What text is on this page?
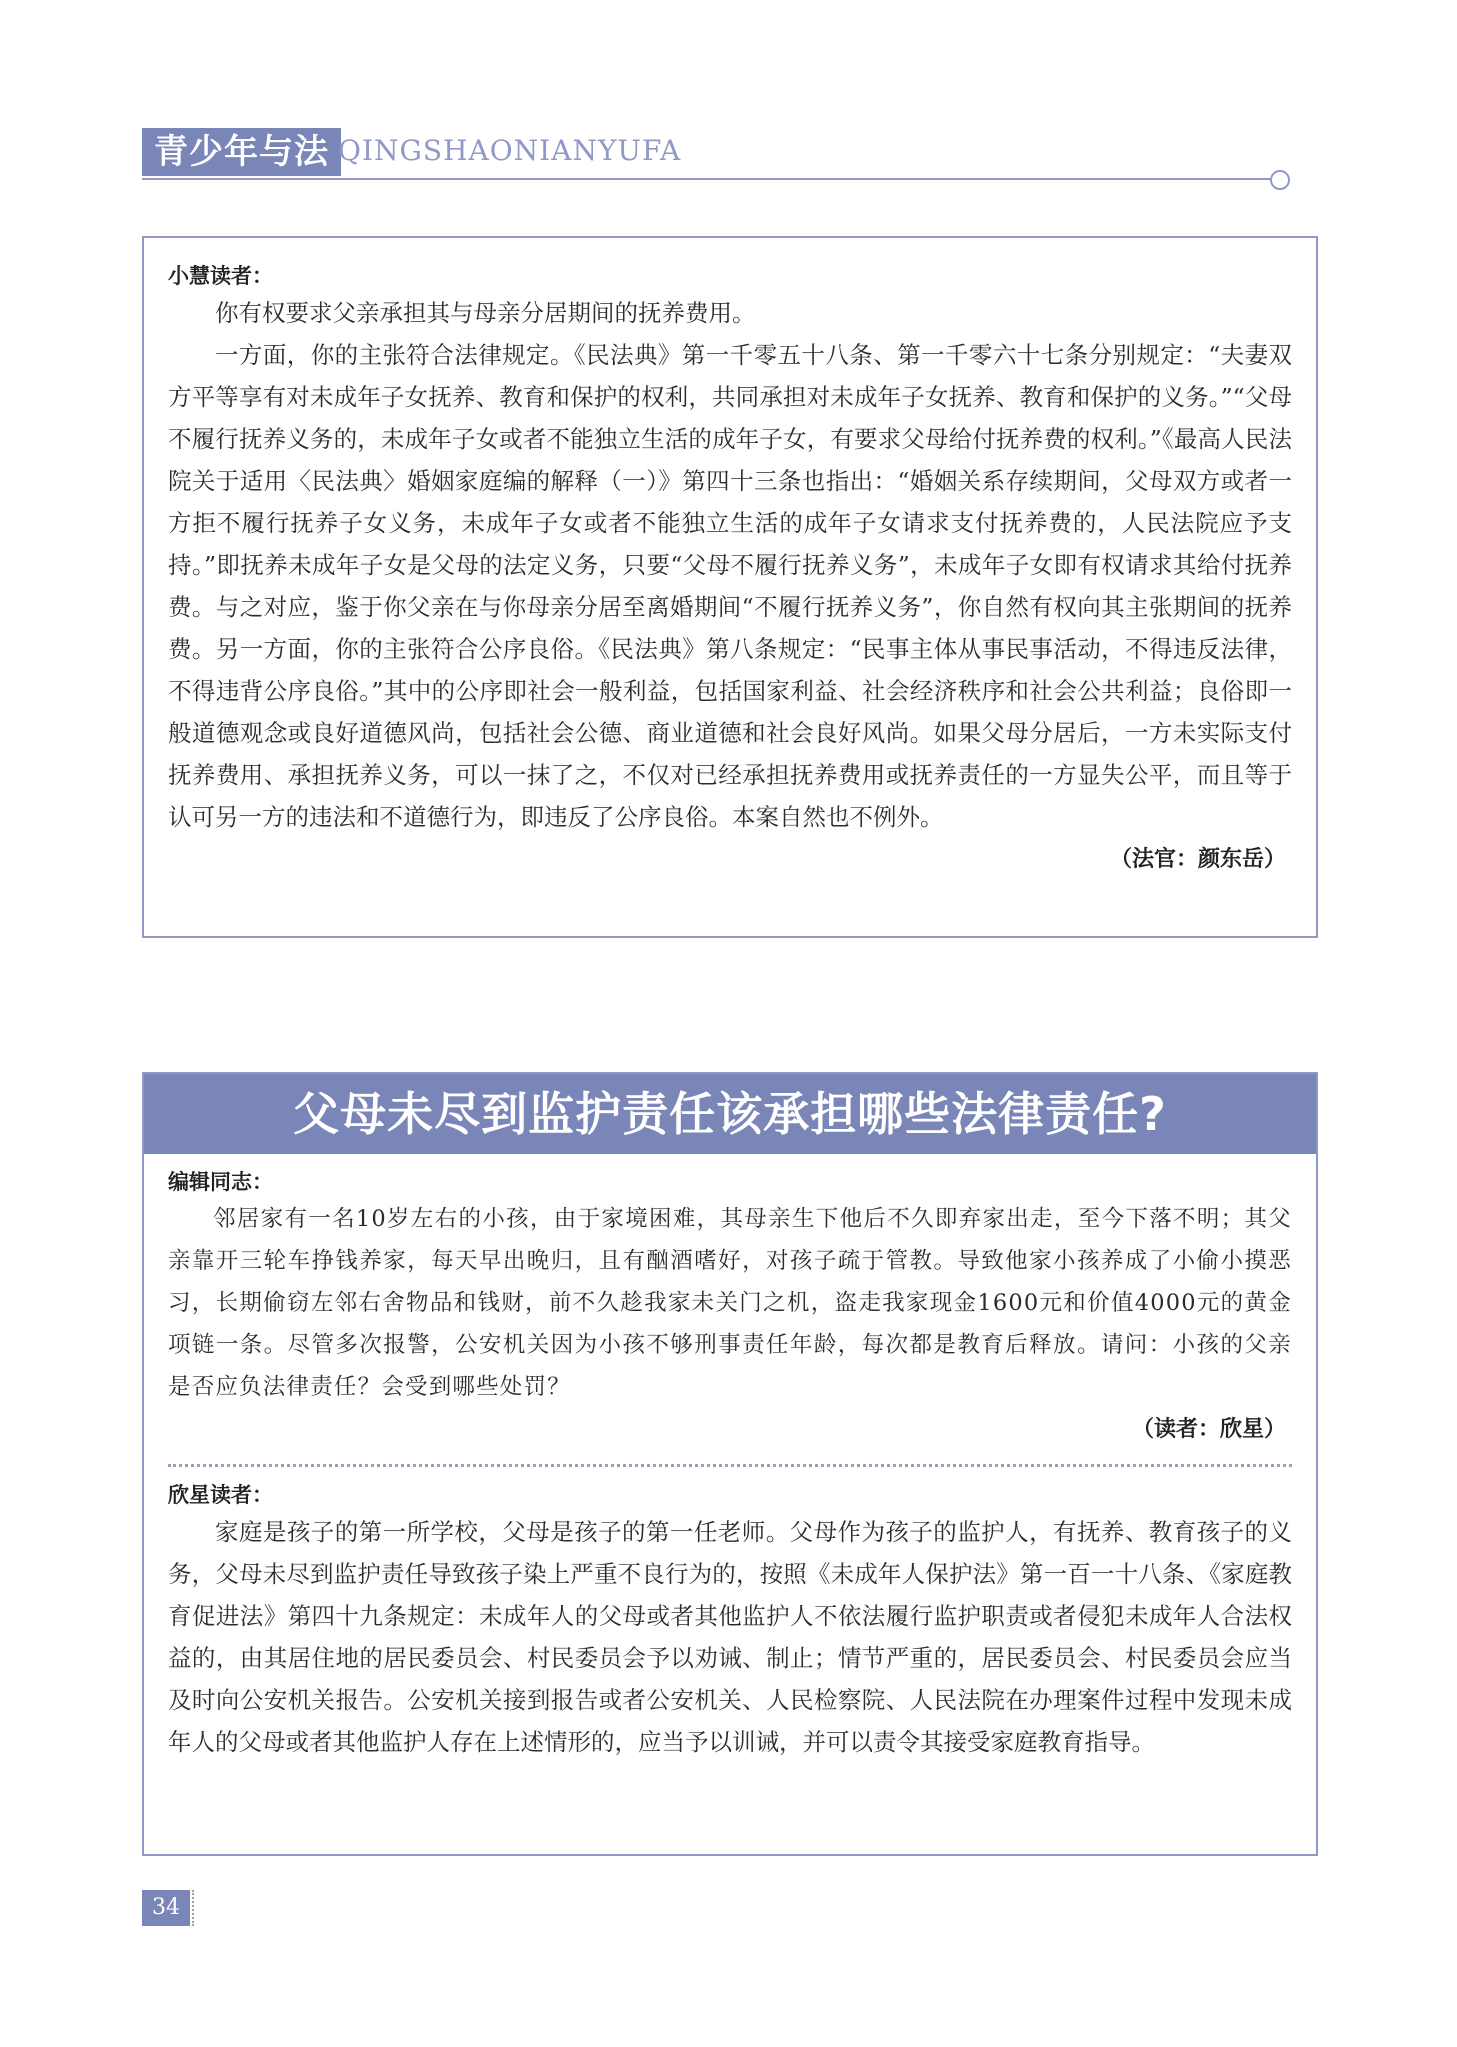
青少年与法 QINGSHAONIANYUFA
小慧读者：

你有权要求父亲承担其与母亲分居期间的抚养费用。

一方面，你的主张符合法律规定。《民法典》第一千零五十八条、第一千零六十七条分别规定：“夫妻双方平等享有对未成年子女抚养、教育和保护的权利，共同承担对未成年子女抚养、教育和保护的义务。”“父母不履行抚养义务的，未成年子女或者不能独立生活的成年子女，有要求父母给付抚养费的权利。”《最高人民法院关于适用〈民法典〉婚姻家庭编的解释（一）》第四十三条也指出：“婚姻关系存续期间，父母双方或者一方拒不履行抚养子女义务，未成年子女或者不能独立生活的成年子女请求支付抚养费的，人民法院应予支持。”即抚养未成年子女是父母的法定义务，只要“父母不履行抚养义务”，未成年子女即有权请求其给付抚养费。与之对应，鉴于你父亲在与你母亲分居至离婚期间“不履行抚养义务”，你自然有权向其主张期间的抚养费。另一方面，你的主张符合公序良俗。《民法典》第八条规定：“民事主体从事民事活动，不得违反法律，不得违背公序良俗。”其中的公序即社会一般利益，包括国家利益、社会经济秩序和社会公共利益；良俗即一般道德观念或良好道德风尚，包括社会公德、商业道德和社会良好风尚。如果父母分居后，一方未实际支付抚养费用、承担抚养义务，可以一抹了之，不仅对已经承担抚养费用或抚养责任的一方显失公平，而且等于认可另一方的违法和不道德行为，即违反了公序良俗。本案自然也不例外。

（法官：颜东岳）
父母未尽到监护责任该承担哪些法律责任?
编辑同志：

邻居家有一名10岁左右的小孩，由于家境困难，其母亲生下他后不久即弃家出走，至今下落不明；其父亲靠开三轮车挣钱养家，每天早出晚归，且有酗酒嗜好，对孩子疏于管教。导致他家小孩养成了小偷小摸恶习，长期偷窃左邻右舍物品和钱财，前不久趁我家未关门之机，盗走我家现金1600元和价值4000元的黄金项链一条。尽管多次报警，公安机关因为小孩不够刑事责任年龄，每次都是教育后释放。请问：小孩的父亲是否应负法律责任？会受到哪些处罚？

（读者：欣星）
欣星读者：

家庭是孩子的第一所学校，父母是孩子的第一任老师。父母作为孩子的监护人，有抚养、教育孩子的义务，父母未尽到监护责任导致孩子染上严重不良行为的，按照《未成年人保护法》第一百一十八条、《家庭教育促进法》第四十九条规定：未成年人的父母或者其他监护人不依法履行监护职责或者侵犯未成年人合法权益的，由其居住地的居民委员会、村民委员会予以劝诫、制止；情节严重的，居民委员会、村民委员会应当及时向公安机关报告。公安机关接到报告或者公安机关、人民检察院、人民法院在办理案件过程中发现未成年人的父母或者其他监护人存在上述情形的，应当予以训诫，并可以责令其接受家庭教育指导。

34
